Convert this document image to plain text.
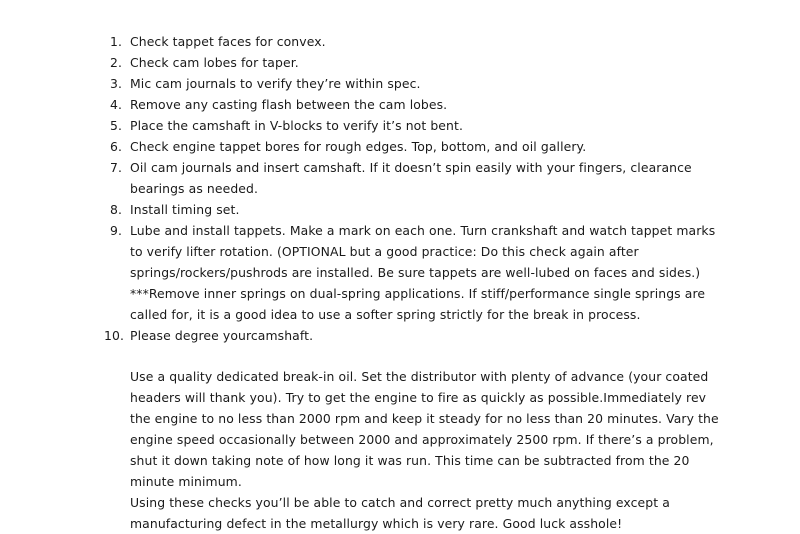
1. Check tappet faces for convex.
2. Check cam lobes for taper.
3. Mic cam journals to verify they’re within spec.
4. Remove any casting flash between the cam lobes.
5. Place the camshaft in V-blocks to verify it’s not bent.
6. Check engine tappet bores for rough edges. Top, bottom, and oil gallery.
7. Oil cam journals and insert camshaft. If it doesn’t spin easily with your fingers, clearance bearings as needed.
8. Install timing set.
9. Lube and install tappets. Make a mark on each one. Turn crankshaft and watch tappet marks to verify lifter rotation. (OPTIONAL but a good practice: Do this check again after springs/rockers/pushrods are installed. Be sure tappets are well-lubed on faces and sides.)
***Remove inner springs on dual-spring applications. If stiff/performance single springs are called for, it is a good idea to use a softer spring strictly for the break in process.
10. Please degree yourcamshaft.

Use a quality dedicated break-in oil. Set the distributor with plenty of advance (your coated headers will thank you). Try to get the engine to fire as quickly as possible.Immediately rev the engine to no less than 2000 rpm and keep it steady for no less than 20 minutes. Vary the engine speed occasionally between 2000 and approximately 2500 rpm. If there’s a problem, shut it down taking note of how long it was run. This time can be subtracted from the 20 minute minimum.

Using these checks you’ll be able to catch and correct pretty much anything except a manufacturing defect in the metallurgy which is very rare. Good luck asshole!
